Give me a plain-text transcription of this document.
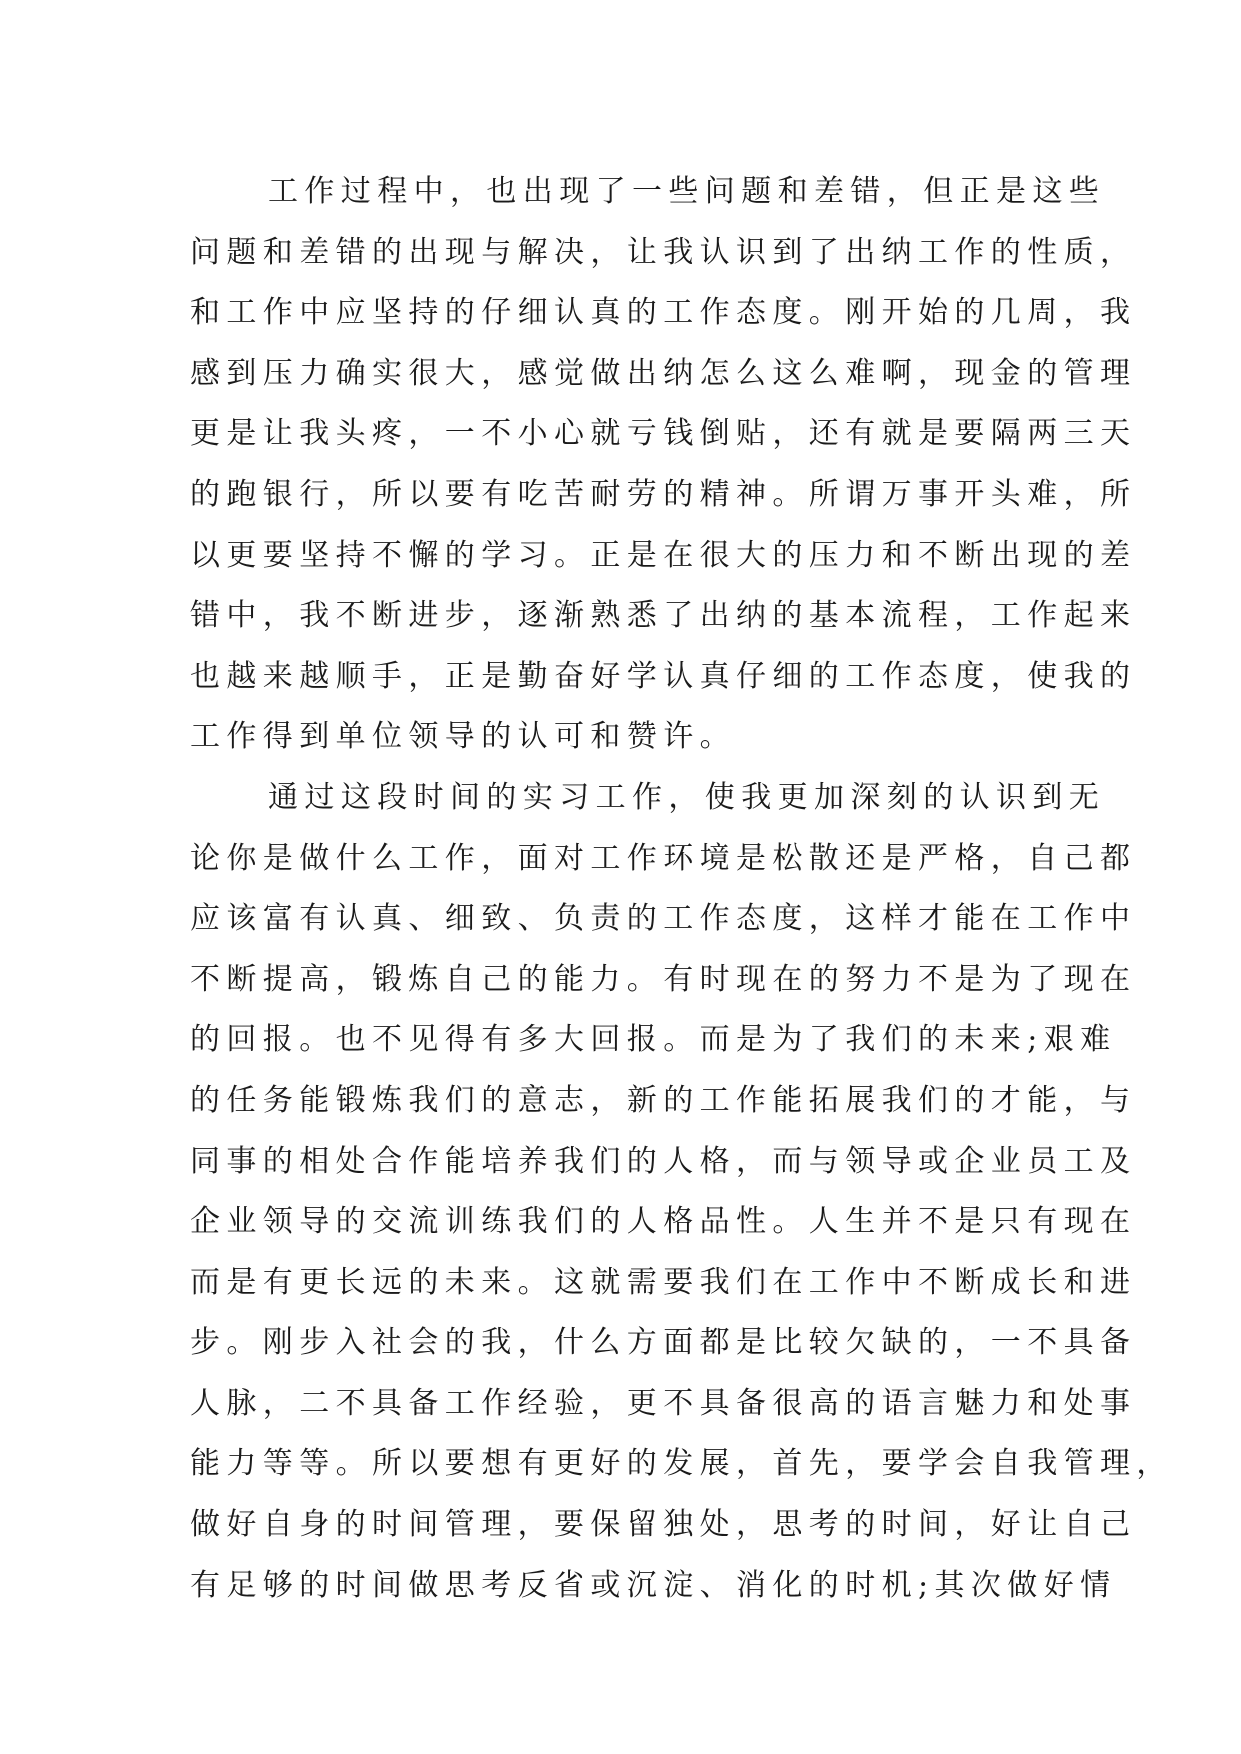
工作过程中，也出现了一些问题和差错，但正是这些
问题和差错的出现与解决，让我认识到了出纳工作的性质，
和工作中应坚持的仔细认真的工作态度。刚开始的几周，我
感到压力确实很大，感觉做出纳怎么这么难啊，现金的管理
更是让我头疼，一不小心就亏钱倒贴，还有就是要隔两三天
的跑银行，所以要有吃苦耐劳的精神。所谓万事开头难，所
以更要坚持不懈的学习。正是在很大的压力和不断出现的差
错中，我不断进步，逐渐熟悉了出纳的基本流程，工作起来
也越来越顺手，正是勤奋好学认真仔细的工作态度，使我的
工作得到单位领导的认可和赞许。
通过这段时间的实习工作，使我更加深刻的认识到无
论你是做什么工作，面对工作环境是松散还是严格，自己都
应该富有认真、细致、负责的工作态度，这样才能在工作中
不断提高，锻炼自己的能力。有时现在的努力不是为了现在
的回报。也不见得有多大回报。而是为了我们的未来;艰难
的任务能锻炼我们的意志，新的工作能拓展我们的才能，与
同事的相处合作能培养我们的人格，而与领导或企业员工及
企业领导的交流训练我们的人格品性。人生并不是只有现在
而是有更长远的未来。这就需要我们在工作中不断成长和进
步。刚步入社会的我，什么方面都是比较欠缺的，一不具备
人脉，二不具备工作经验，更不具备很高的语言魅力和处事
能力等等。所以要想有更好的发展，首先，要学会自我管理，
做好自身的时间管理，要保留独处，思考的时间，好让自己
有足够的时间做思考反省或沉淀、消化的时机;其次做好情
